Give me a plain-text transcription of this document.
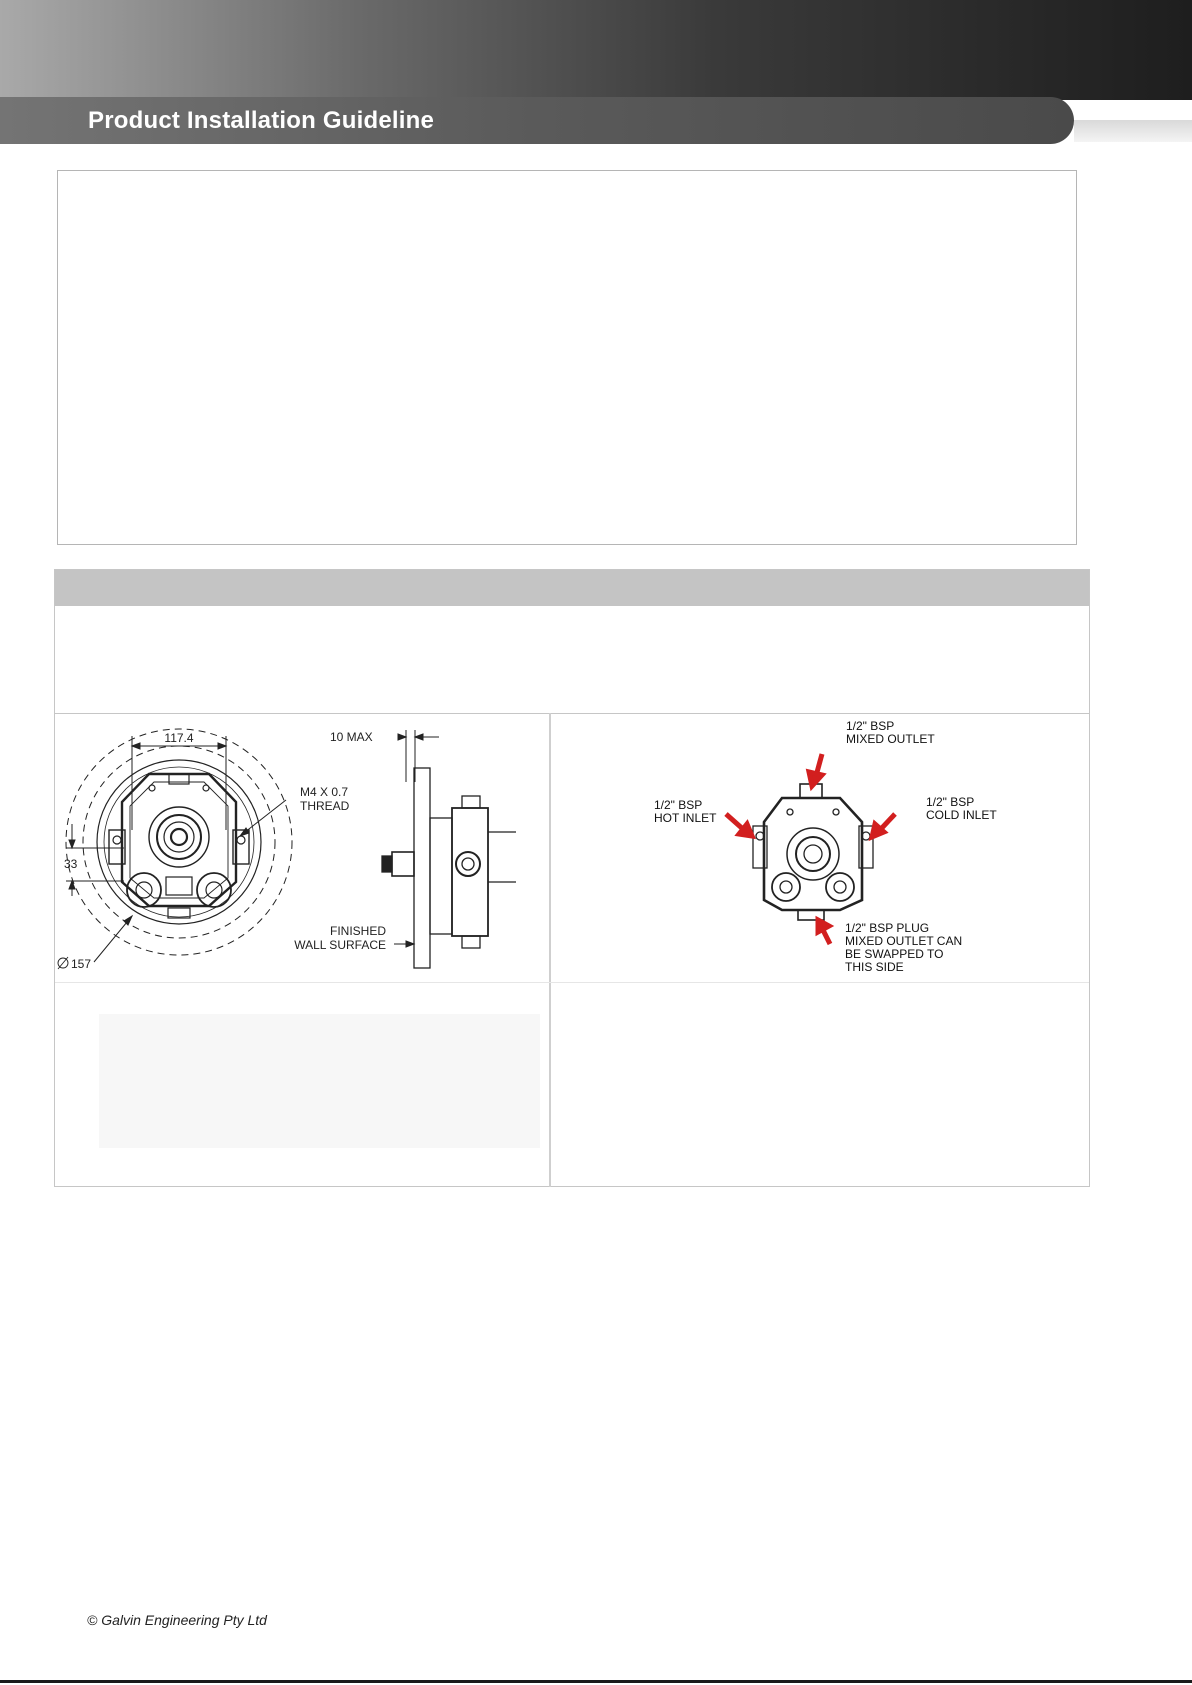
Product Installation Guideline
117.4
33
157
M4 X 0.7
THREAD
10 MAX
FINISHED
WALL SURFACE
1/2" BSP
MIXED OUTLET
1/2" BSP
HOT INLET
1/2" BSP
COLD INLET
1/2" BSP PLUG
MIXED OUTLET CAN
BE SWAPPED TO
THIS SIDE
© Galvin Engineering Pty Ltd
